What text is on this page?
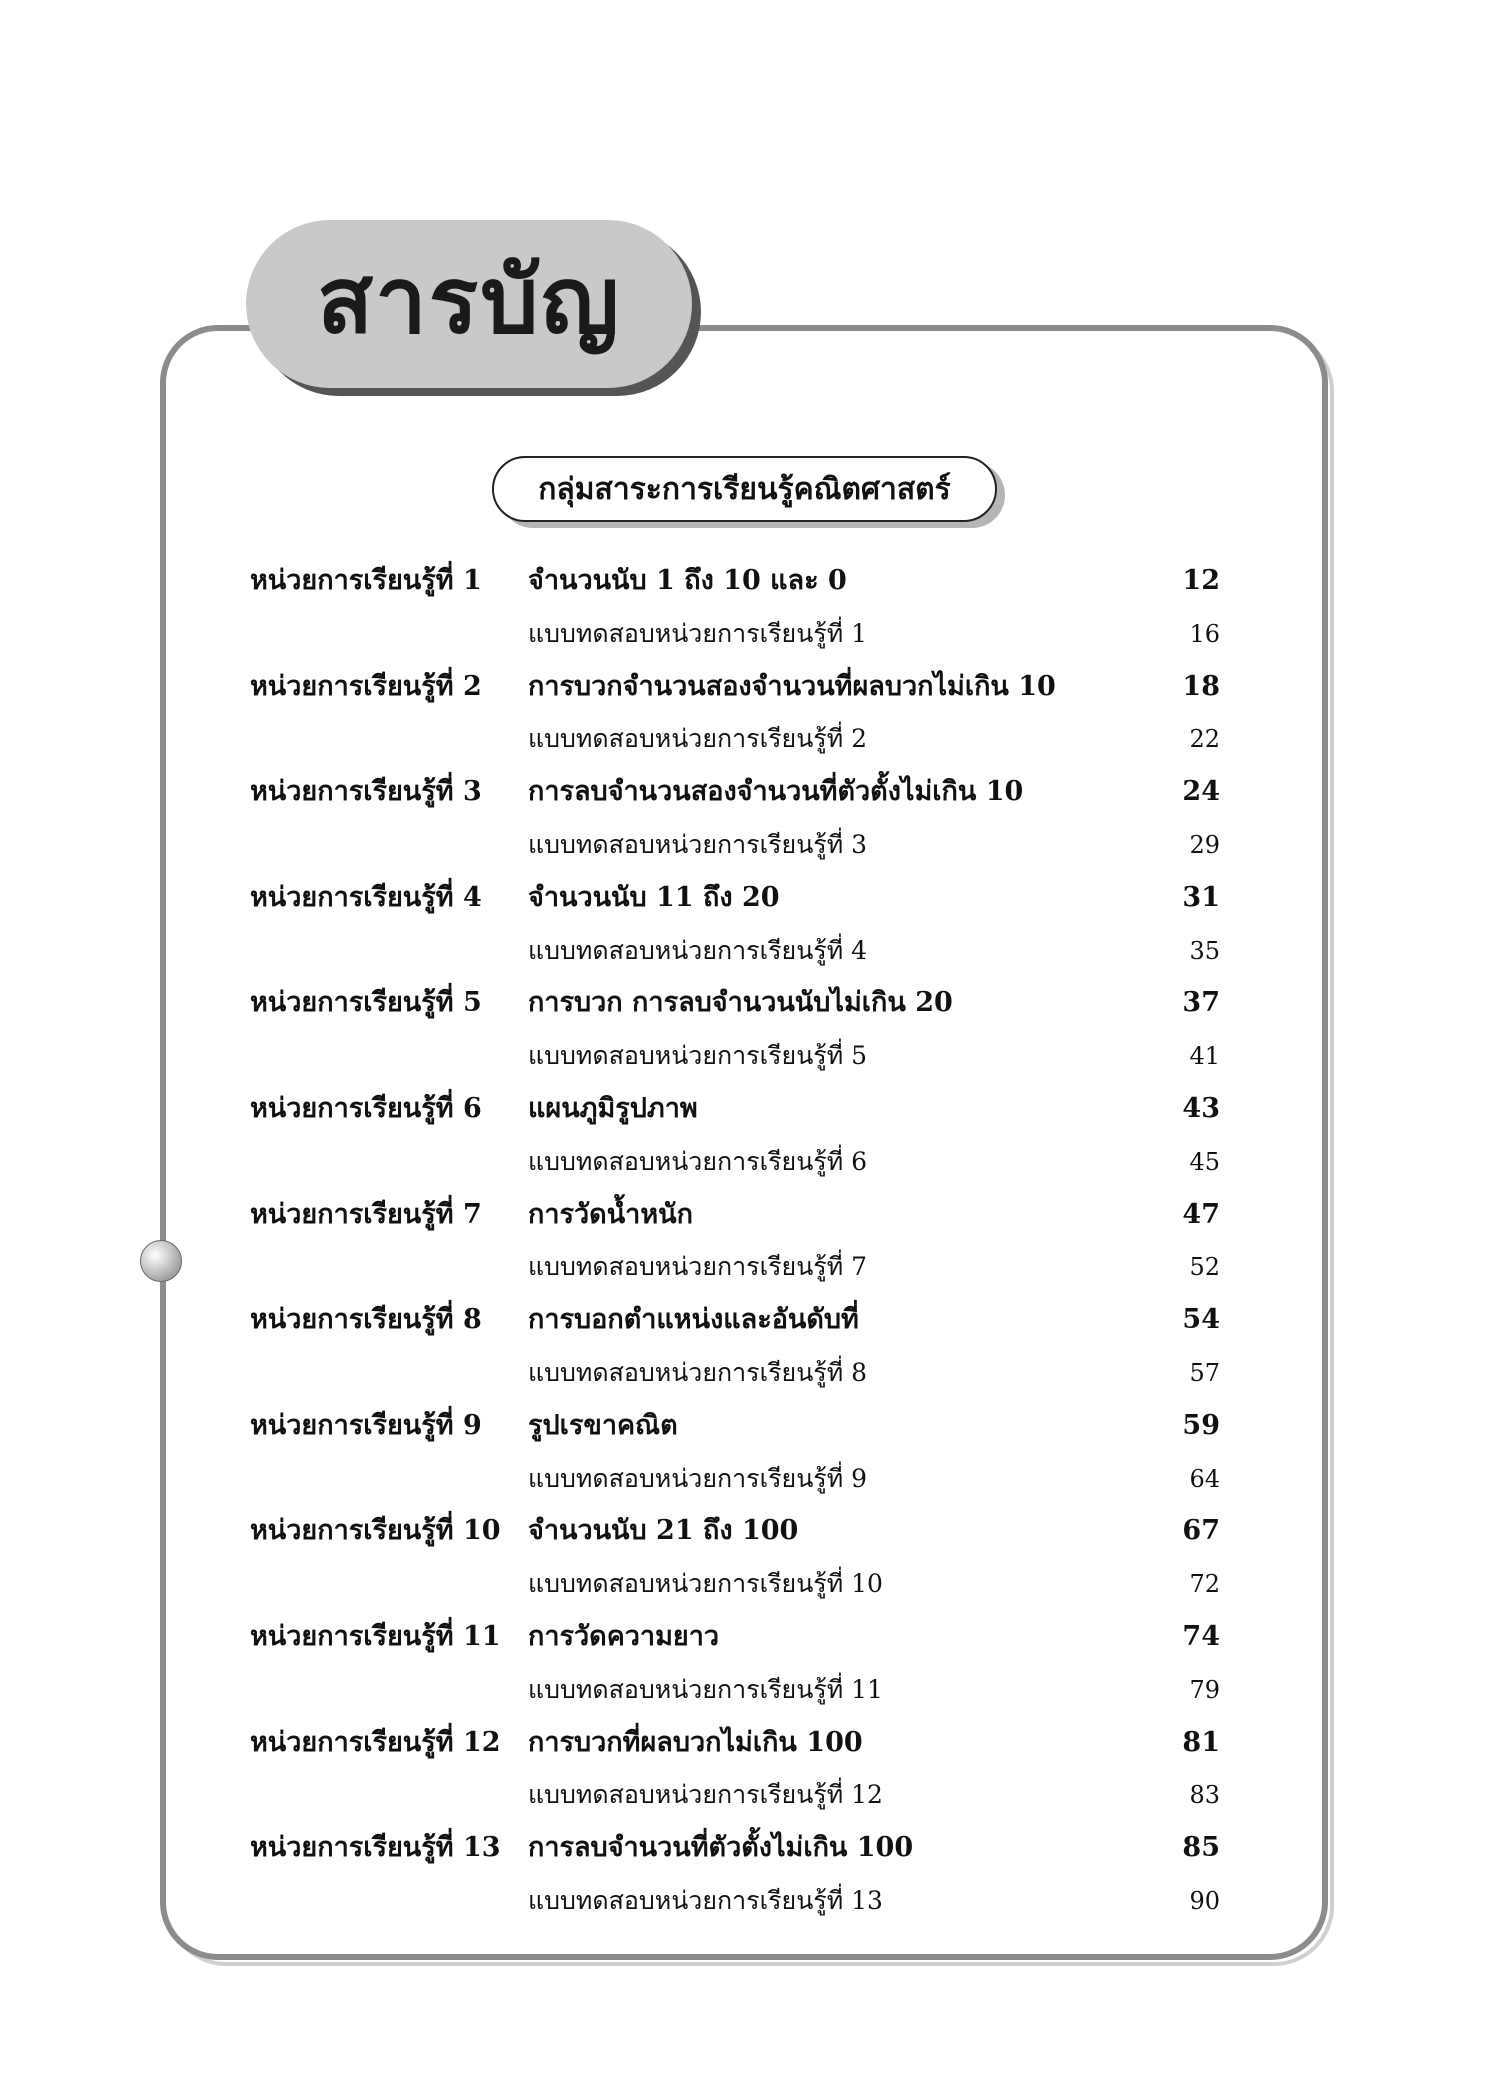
สารบัญ
กลุ่มสาระการเรียนรู้คณิตศาสตร์
หน่วยการเรียนรู้ที่ 1 จำนวนนับ 1 ถึง 10 และ 0	12
แบบทดสอบหน่วยการเรียนรู้ที่ 1	16
หน่วยการเรียนรู้ที่ 2 การบวกจำนวนสองจำนวนที่ผลบวกไม่เกิน 10	18
แบบทดสอบหน่วยการเรียนรู้ที่ 2	22
หน่วยการเรียนรู้ที่ 3 การลบจำนวนสองจำนวนที่ตัวตั้งไม่เกิน 10	24
แบบทดสอบหน่วยการเรียนรู้ที่ 3	29
หน่วยการเรียนรู้ที่ 4 จำนวนนับ 11 ถึง 20	31
แบบทดสอบหน่วยการเรียนรู้ที่ 4	35
หน่วยการเรียนรู้ที่ 5 การบวก การลบจำนวนนับไม่เกิน 20	37
แบบทดสอบหน่วยการเรียนรู้ที่ 5	41
หน่วยการเรียนรู้ที่ 6 แผนภูมิรูปภาพ	43
แบบทดสอบหน่วยการเรียนรู้ที่ 6	45
หน่วยการเรียนรู้ที่ 7 การวัดน้ำหนัก	47
แบบทดสอบหน่วยการเรียนรู้ที่ 7	52
หน่วยการเรียนรู้ที่ 8 การบอกตำแหน่งและอันดับที่	54
แบบทดสอบหน่วยการเรียนรู้ที่ 8	57
หน่วยการเรียนรู้ที่ 9 รูปเรขาคณิต	59
แบบทดสอบหน่วยการเรียนรู้ที่ 9	64
หน่วยการเรียนรู้ที่ 10 จำนวนนับ 21 ถึง 100	67
แบบทดสอบหน่วยการเรียนรู้ที่ 10	72
หน่วยการเรียนรู้ที่ 11 การวัดความยาว	74
แบบทดสอบหน่วยการเรียนรู้ที่ 11	79
หน่วยการเรียนรู้ที่ 12 การบวกที่ผลบวกไม่เกิน 100	81
แบบทดสอบหน่วยการเรียนรู้ที่ 12	83
หน่วยการเรียนรู้ที่ 13 การลบจำนวนที่ตัวตั้งไม่เกิน 100	85
แบบทดสอบหน่วยการเรียนรู้ที่ 13	90
